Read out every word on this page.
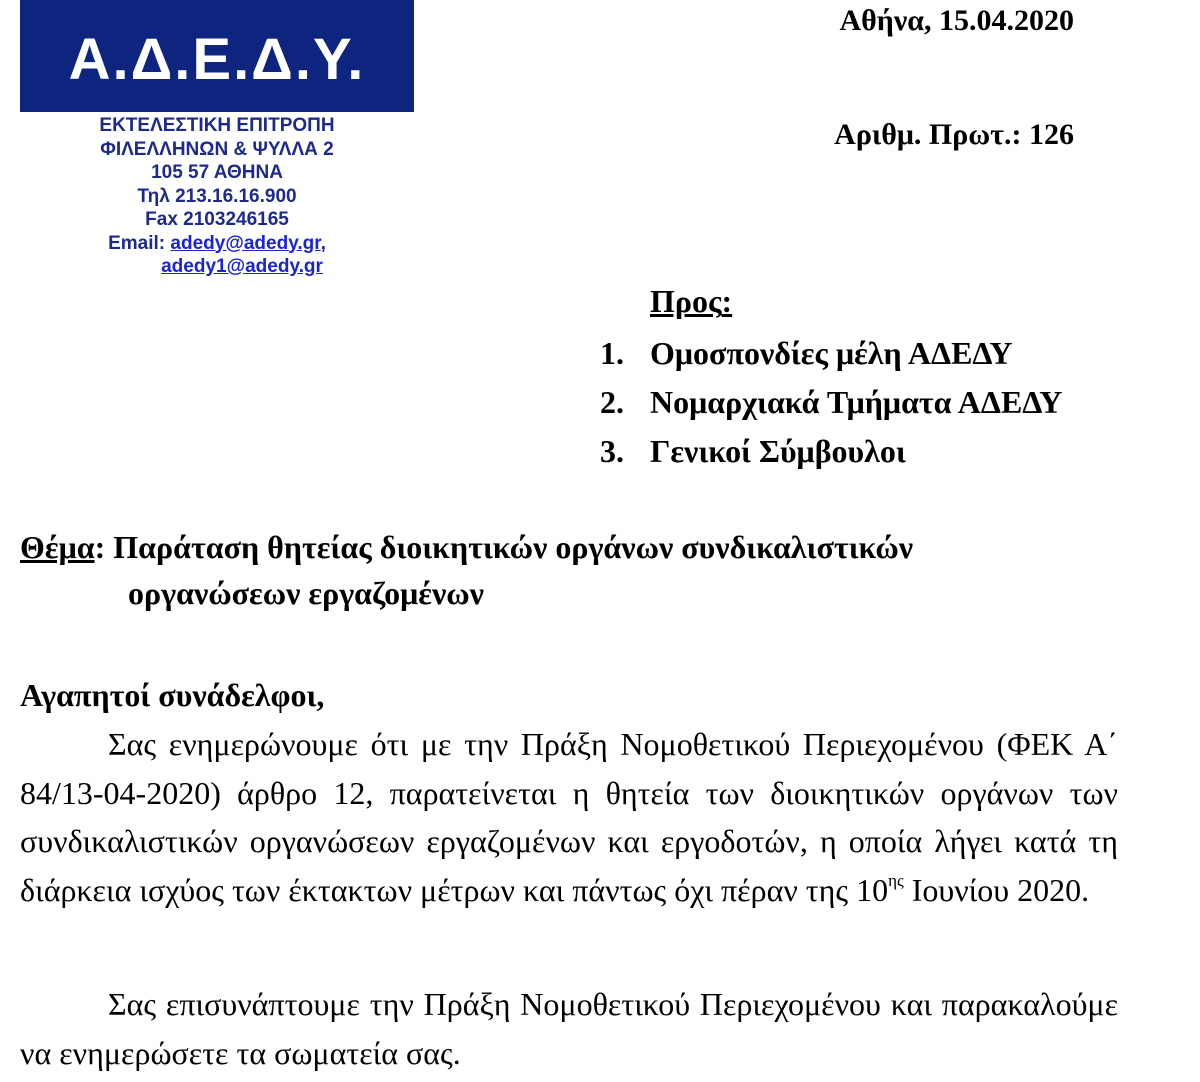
Α.Δ.Ε.Δ.Υ.
ΕΚΤΕΛΕΣΤΙΚΗ ΕΠΙΤΡΟΠΗ
ΦΙΛΕΛΛΗΝΩΝ & ΨΥΛΛΑ 2
105 57 ΑΘΗΝΑ
Τηλ 213.16.16.900
Fax 2103246165
Email: adedy@adedy.gr,
adedy1@adedy.gr
Αθήνα, 15.04.2020
Αριθμ. Πρωτ.: 126
Προς:
1. Ομοσπονδίες μέλη ΑΔΕΔΥ
2. Νομαρχιακά Τμήματα ΑΔΕΔΥ
3. Γενικοί Σύμβουλοι
Θέμα: Παράταση θητείας διοικητικών οργάνων συνδικαλιστικών
οργανώσεων εργαζομένων
Αγαπητοί συνάδελφοι,
Σας ενημερώνουμε ότι με την Πράξη Νομοθετικού Περιεχομένου (ΦΕΚ Α΄ 84/13-04-2020) άρθρο 12, παρατείνεται η θητεία των διοικητικών οργάνων των συνδικαλιστικών οργανώσεων εργαζομένων και εργοδοτών, η οποία λήγει κατά τη διάρκεια ισχύος των έκτακτων μέτρων και πάντως όχι πέραν της $10^{\eta\varsigma}$ Ιουνίου 2020.
Σας επισυνάπτουμε την Πράξη Νομοθετικού Περιεχομένου και παρακαλούμε να ενημερώσετε τα σωματεία σας.
